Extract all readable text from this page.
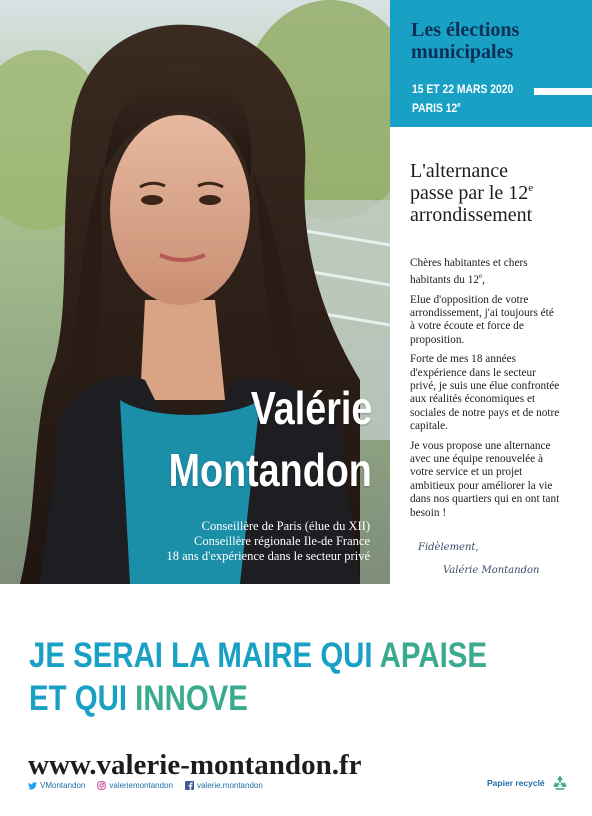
Valérie
Montandon
Conseillère de Paris (élue du XII)
Conseillère régionale Ile-de France
18 ans d'expérience dans le secteur privé
Les élections
municipales
15 ET 22 MARS 2020
PARIS 12e
L'alternance
passe par le 12e
arrondissement

Chères habitantes et chers habitants du 12e,

Elue d'opposition de votre arrondissement, j'ai toujours été à votre écoute et force de proposition.

Forte de mes 18 années d'expérience dans le secteur privé, je suis une élue confrontée aux réalités économiques et sociales de notre pays et de notre capitale.

Je vous propose une alternance avec une équipe renouvelée à votre service et un projet ambitieux pour améliorer la vie dans nos quartiers qui en ont tant besoin !

Fidèlement,
Valérie Montandon
JE SERAI LA MAIRE QUI APAISE
ET QUI INNOVE
www.valerie-montandon.fr
VMontandon	valeriemontandon	valerie.montandon	Papier recyclé
